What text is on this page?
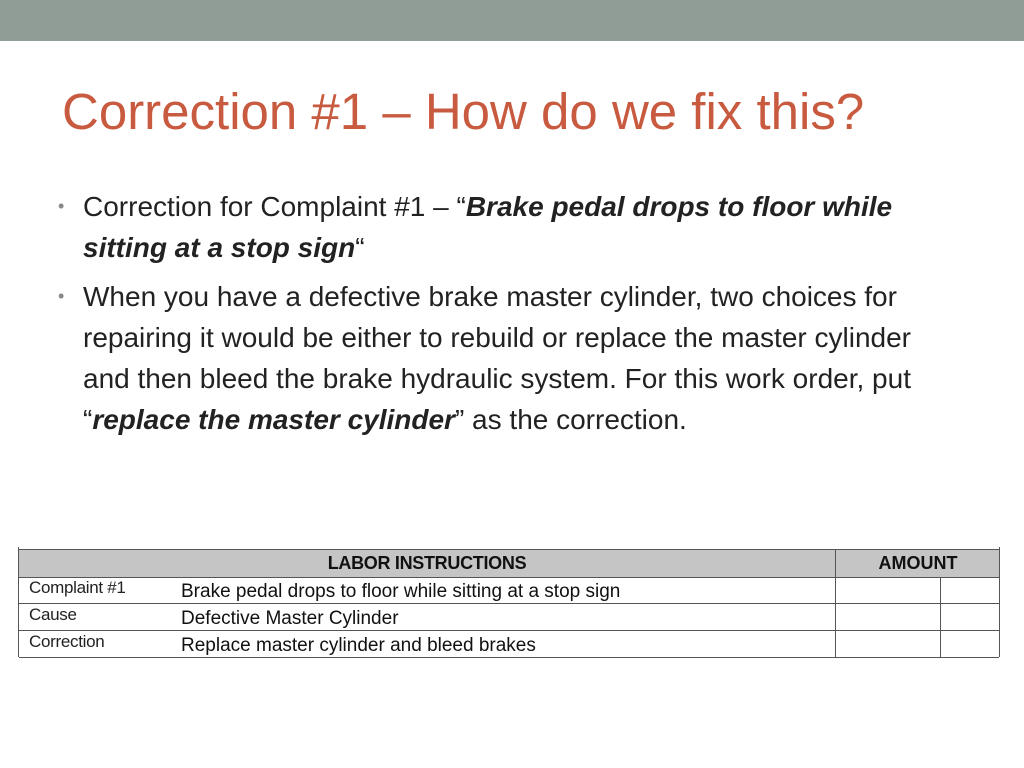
Correction #1 – How do we fix this?
• Correction for Complaint #1 – “Brake pedal drops to floor while sitting at a stop sign“
• When you have a defective brake master cylinder, two choices for repairing it would be either to rebuild or replace the master cylinder and then bleed the brake hydraulic system. For this work order, put “replace the master cylinder” as the correction.
LABOR INSTRUCTIONS	AMOUNT
Complaint #1	Brake pedal drops to floor while sitting at a stop sign
Cause	Defective Master Cylinder
Correction	Replace master cylinder and bleed brakes
